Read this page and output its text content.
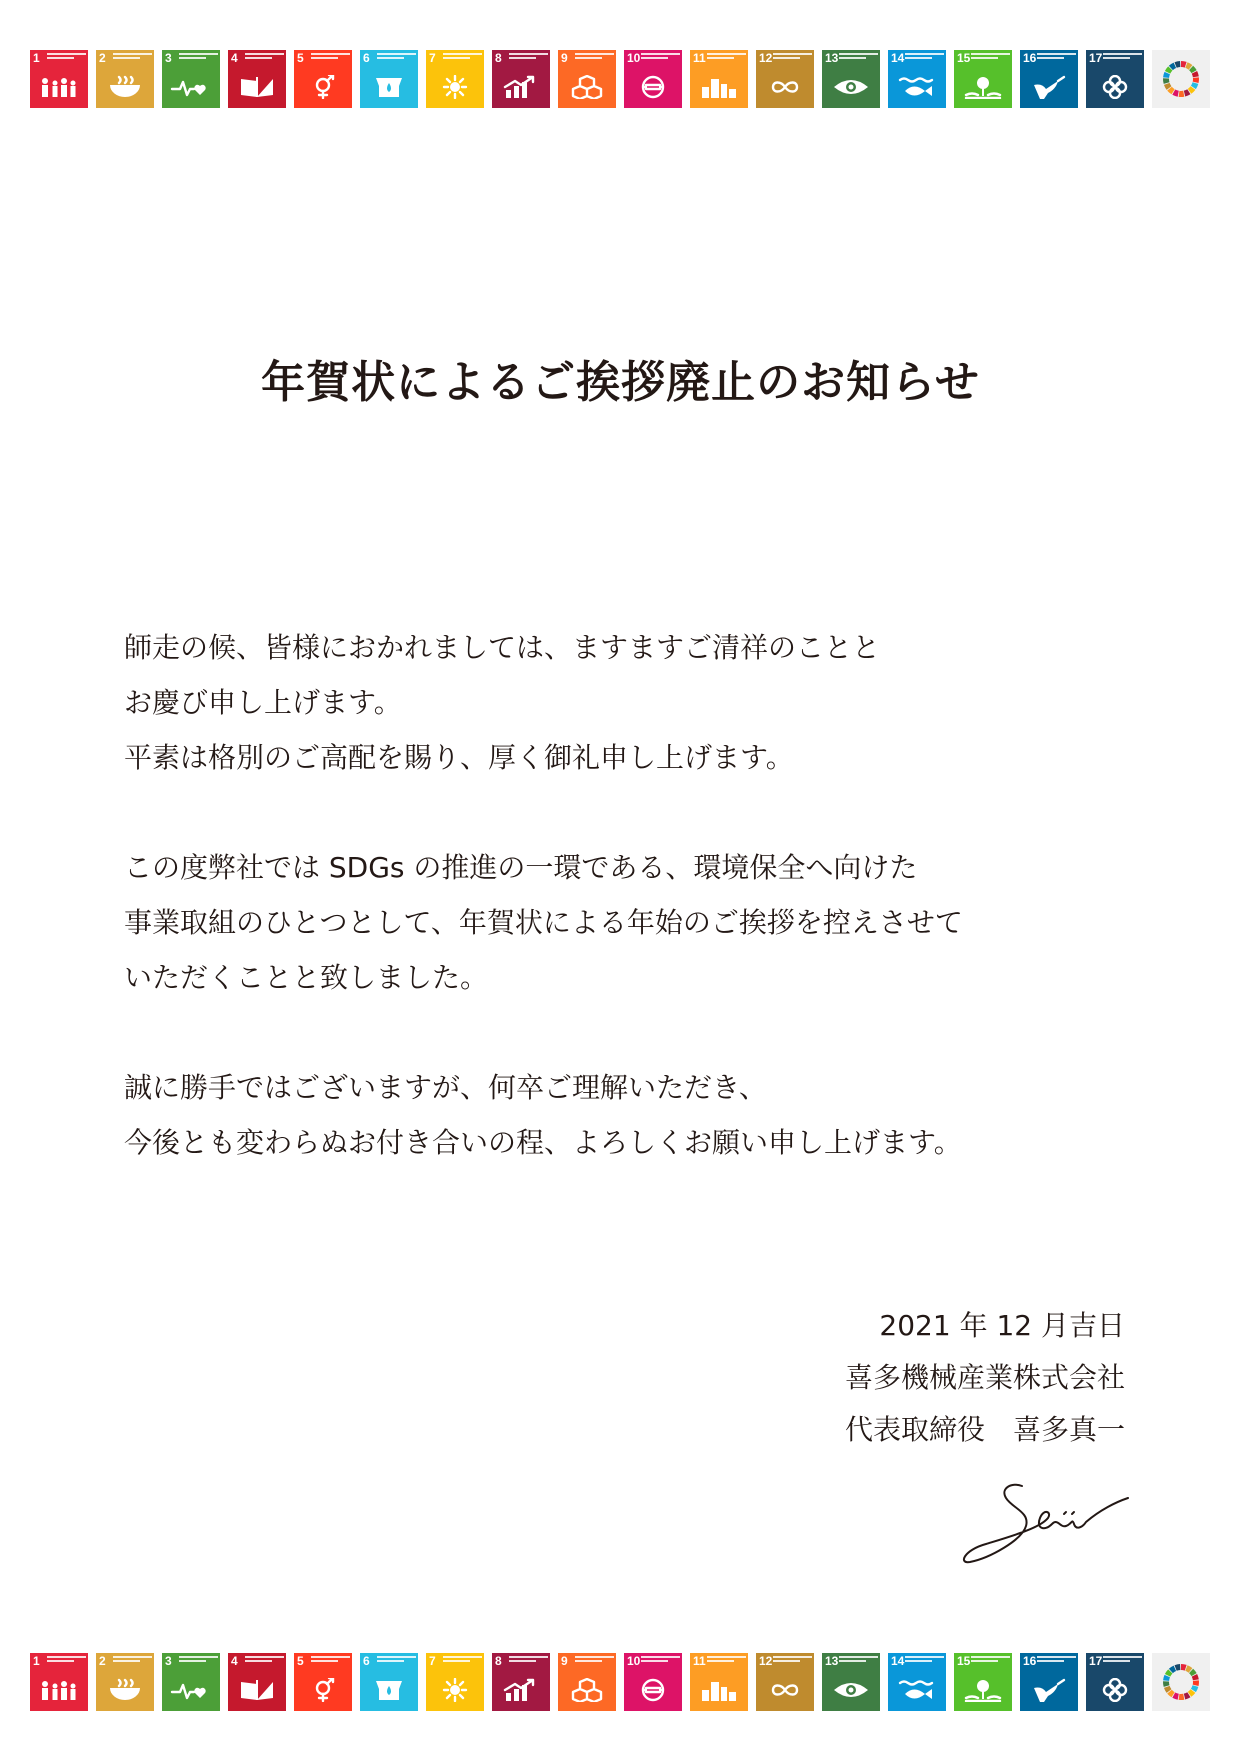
1	2	3	4	5	6	7	8	9	10	11	12	13	14	15	16	17
年賀状によるご挨拶廃止のお知らせ

師走の候、皆様におかれましては、ますますご清祥のことと
お慶び申し上げます。
平素は格別のご高配を賜り、厚く御礼申し上げます。

この度弊社では SDGs の推進の一環である、環境保全へ向けた
事業取組のひとつとして、年賀状による年始のご挨拶を控えさせて
いただくことと致しました。

誠に勝手ではございますが、何卒ご理解いただき、
今後とも変わらぬお付き合いの程、よろしくお願い申し上げます。

2021 年 12 月吉日
喜多機械産業株式会社
代表取締役　喜多真一
1	2	3	4	5	6	7	8	9	10	11	12	13	14	15	16	17
